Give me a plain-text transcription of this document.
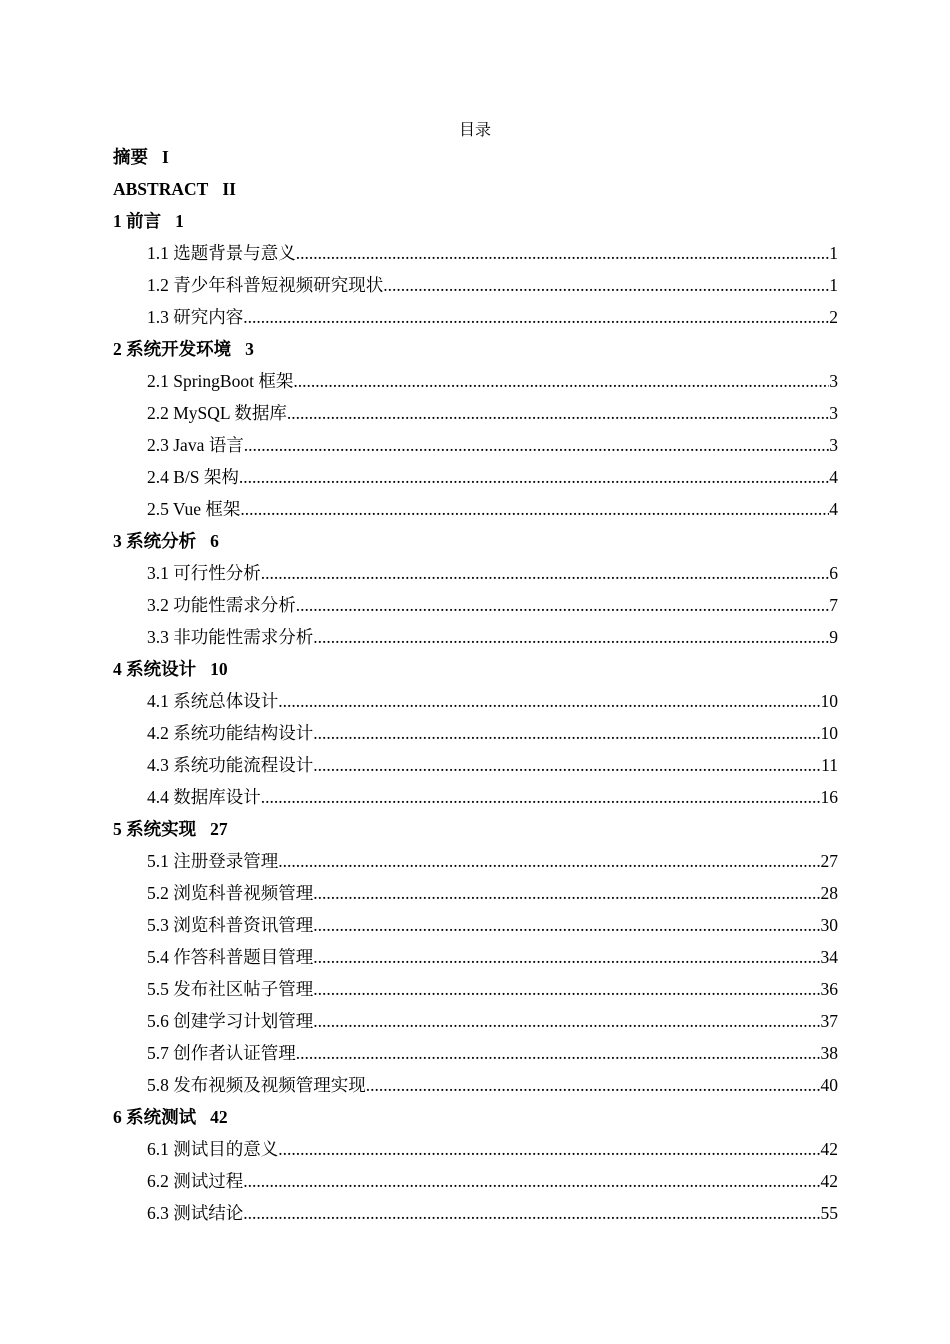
目录
摘要 I
ABSTRACT II
1 前言 1
1.1 选题背景与意义 .....	1
1.2 青少年科普短视频研究现状 .....	1
1.3 研究内容 .....	2
2 系统开发环境 3
2.1 SpringBoot 框架 .....	3
2.2 MySQL 数据库 .....	3
2.3 Java 语言 .....	3
2.4 B/S 架构 .....	4
2.5 Vue 框架 .....	4
3 系统分析 6
3.1 可行性分析 .....	6
3.2 功能性需求分析 .....	7
3.3 非功能性需求分析 .....	9
4 系统设计 10
4.1 系统总体设计 .....	10
4.2 系统功能结构设计 .....	10
4.3 系统功能流程设计 .....	11
4.4 数据库设计 .....	16
5 系统实现 27
5.1 注册登录管理 .....	27
5.2 浏览科普视频管理 .....	28
5.3 浏览科普资讯管理 .....	30
5.4 作答科普题目管理 .....	34
5.5 发布社区帖子管理 .....	36
5.6 创建学习计划管理 .....	37
5.7 创作者认证管理 .....	38
5.8 发布视频及视频管理实现 .....	40
6 系统测试 42
6.1 测试目的意义 .....	42
6.2 测试过程 .....	42
6.3 测试结论 .....	55
